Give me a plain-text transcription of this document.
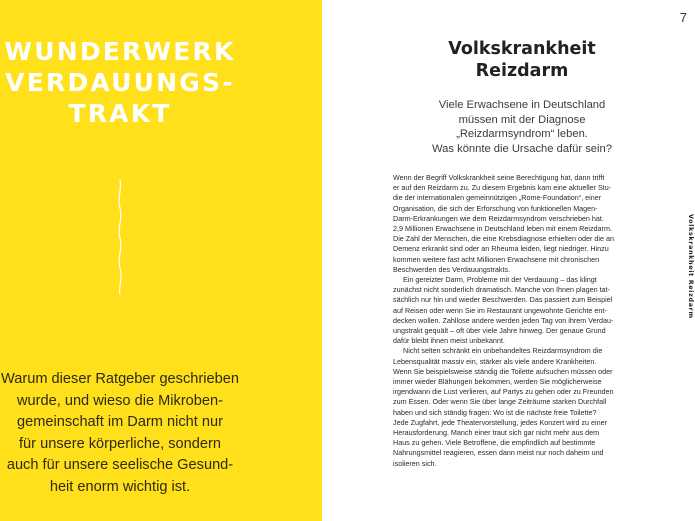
WUNDERWERK
VERDAUUNGS-
TRAKT

Warum dieser Ratgeber geschrieben
wurde, und wieso die Mikroben-
gemeinschaft im Darm nicht nur
für unsere körperliche, sondern
auch für unsere seelische Gesund-
heit enorm wichtig ist.

7
Volkskrankheit
Reizdarm

Viele Erwachsene in Deutschland
müssen mit der Diagnose
„Reizdarmsyndrom“ leben.
Was könnte die Ursache dafür sein?

Wenn der Begriff Volkskrankheit seine Berechtigung hat, dann trifft
er auf den Reizdarm zu. Zu diesem Ergebnis kam eine aktueller Stu-
die der internationalen gemeinnützigen „Rome-Foundation“, einer
Organisation, die sich der Erforschung von funktionellen Magen-
Darm-Erkrankungen wie dem Reizdarmsyndrom verschrieben hat.
2,9 Millionen Erwachsene in Deutschland leben mit einem Reizdarm.
Die Zahl der Menschen, die eine Krebsdiagnose erhielten oder die an
Demenz erkrankt sind oder an Rheuma leiden, liegt niedriger. Hinzu
kommen weitere fast acht Millionen Erwachsene mit chronischen
Beschwerden des Verdauungstrakts.
Ein gereizter Darm, Probleme mit der Verdauung – das klingt
zunächst nicht sonderlich dramatisch. Manche von Ihnen plagen tat-
sächlich nur hin und wieder Beschwerden. Das passiert zum Beispiel
auf Reisen oder wenn Sie im Restaurant ungewohnte Gerichte ent-
decken wollen. Zahllose andere werden jeden Tag von ihrem Verdau-
ungstrakt gequält – oft über viele Jahre hinweg. Der genaue Grund
dafür bleibt ihnen meist unbekannt.
Nicht selten schränkt ein unbehandeltes Reizdarmsyndrom die
Lebensqualität massiv ein, stärker als viele andere Krankheiten.
Wenn Sie beispielsweise ständig die Toilette aufsuchen müssen oder
immer wieder Blähungen bekommen, werden Sie möglicherweise
irgendwann die Lust verlieren, auf Partys zu gehen oder zu Freunden
zum Essen. Oder wenn Sie über lange Zeiträume starken Durchfall
haben und sich ständig fragen: Wo ist die nächste freie Toilette?
Jede Zugfahrt, jede Theatervorstellung, jedes Konzert wird zu einer
Herausforderung. Manch einer traut sich gar nicht mehr aus dem
Haus zu gehen. Viele Betroffene, die empfindlich auf bestimmte
Nahrungsmittel reagieren, essen dann meist nur noch daheim und
isolieren sich.
Volkskrankheit Reizdarm
